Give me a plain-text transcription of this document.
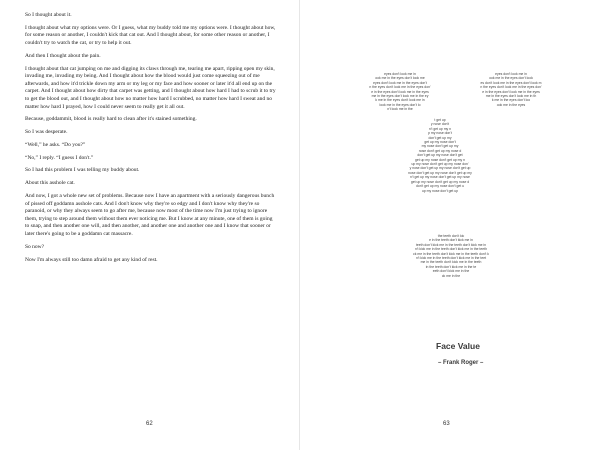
So I thought about it.

I thought about what my options were. Or I guess, what my buddy told me my options were. I thought about how, for some reason or another, I couldn't kick that cat out. And I thought about, for some other reason or another, I couldn't try to watch the cat, or try to help it out.

And then I thought about the pain.

I thought about that cat jumping on me and digging its claws through me, tearing me apart, ripping open my skin, invading me, invading my being. And I thought about how the blood would just come squeezing out of me afterwards, and how it'd trickle down my arm or my leg or my face and how sooner or later it'd all end up on the carpet. And I thought about how dirty that carpet was getting, and I thought about how hard I had to scrub it to try to get the blood out, and I thought about how no matter how hard I scrubbed, no matter how hard I sweat and no matter how hard I prayed, how I could never seem to really get it all out.

Because, goddammit, blood is really hard to clean after it's stained something.

So I was desperate.

“Well,” he asks. “Do you?”

“No,” I reply. “I guess I don't.”

So I had this problem I was telling my buddy about.

About this asshole cat.

And now, I got a whole new set of problems. Because now I have an apartment with a seriously dangerous bunch of pissed off goddamn asshole cats. And I don't know why they're so edgy and I don't know why they're so paranoid, or why they always seem to go after me, because now most of the time now I'm just trying to ignore them, trying to step around them without them ever noticing me. But I know at any minute, one of them is going to snap, and then another one will, and then another, and another one and another one and I know that sooner or later there's going to be a goddamn cat massacre.

So now?

Now I'm always still too damn afraid to get any kind of rest.

62
eyes don't look me in
ook me in the eyes don't look me
eyes don't look me in the eyes don't
n the eyes don't look me in the eyes don'
e in the eyes don't look me in the eyes
me in the eyes don't look me in the ey
k me in the eyes don't look me in
look me in the eyes don't lo
n't look me in the
eyes don't look me in
ook me in the eyes don't look
es don't look me in the eyes don't look m
n the eyes don't look me in the eyes don'
e in the eyes don't look me in the eyes
me in the eyes don't look me in th
k me in the eyes don't loo
ook me in the eyes
t get up
y nose don't
n't get up my n
p my nose don't
don't get up my
get up my nose don't
my nose don't get up my
nose don't get up my nose d
don't get up my nose don't get
get up my nose don't get up my n
up my nose don't get up my nose don'
y nose don't get up my nose don't get up
nose don't get up my nose don't get up my
n't get up my nose don't get up my nose
get up my nose don't get up my nose d
don't get up my nose don't get u
up my nose don't get up
the teeth don't kic
e in the teeth don't kick me in
teeth don't kick me in the teeth don't kick me in
n't kick me in the teeth don't kick me in the teeth
ck me in the teeth don't kick me in the teeth don't k
n't kick me in the teeth don't kick me in the teet
me in the teeth don't kick me in the teeth
in the teeth don't kick me in the te
eeth don't kick me in the
ck me in the
Face Value
– Frank Roger –
63
